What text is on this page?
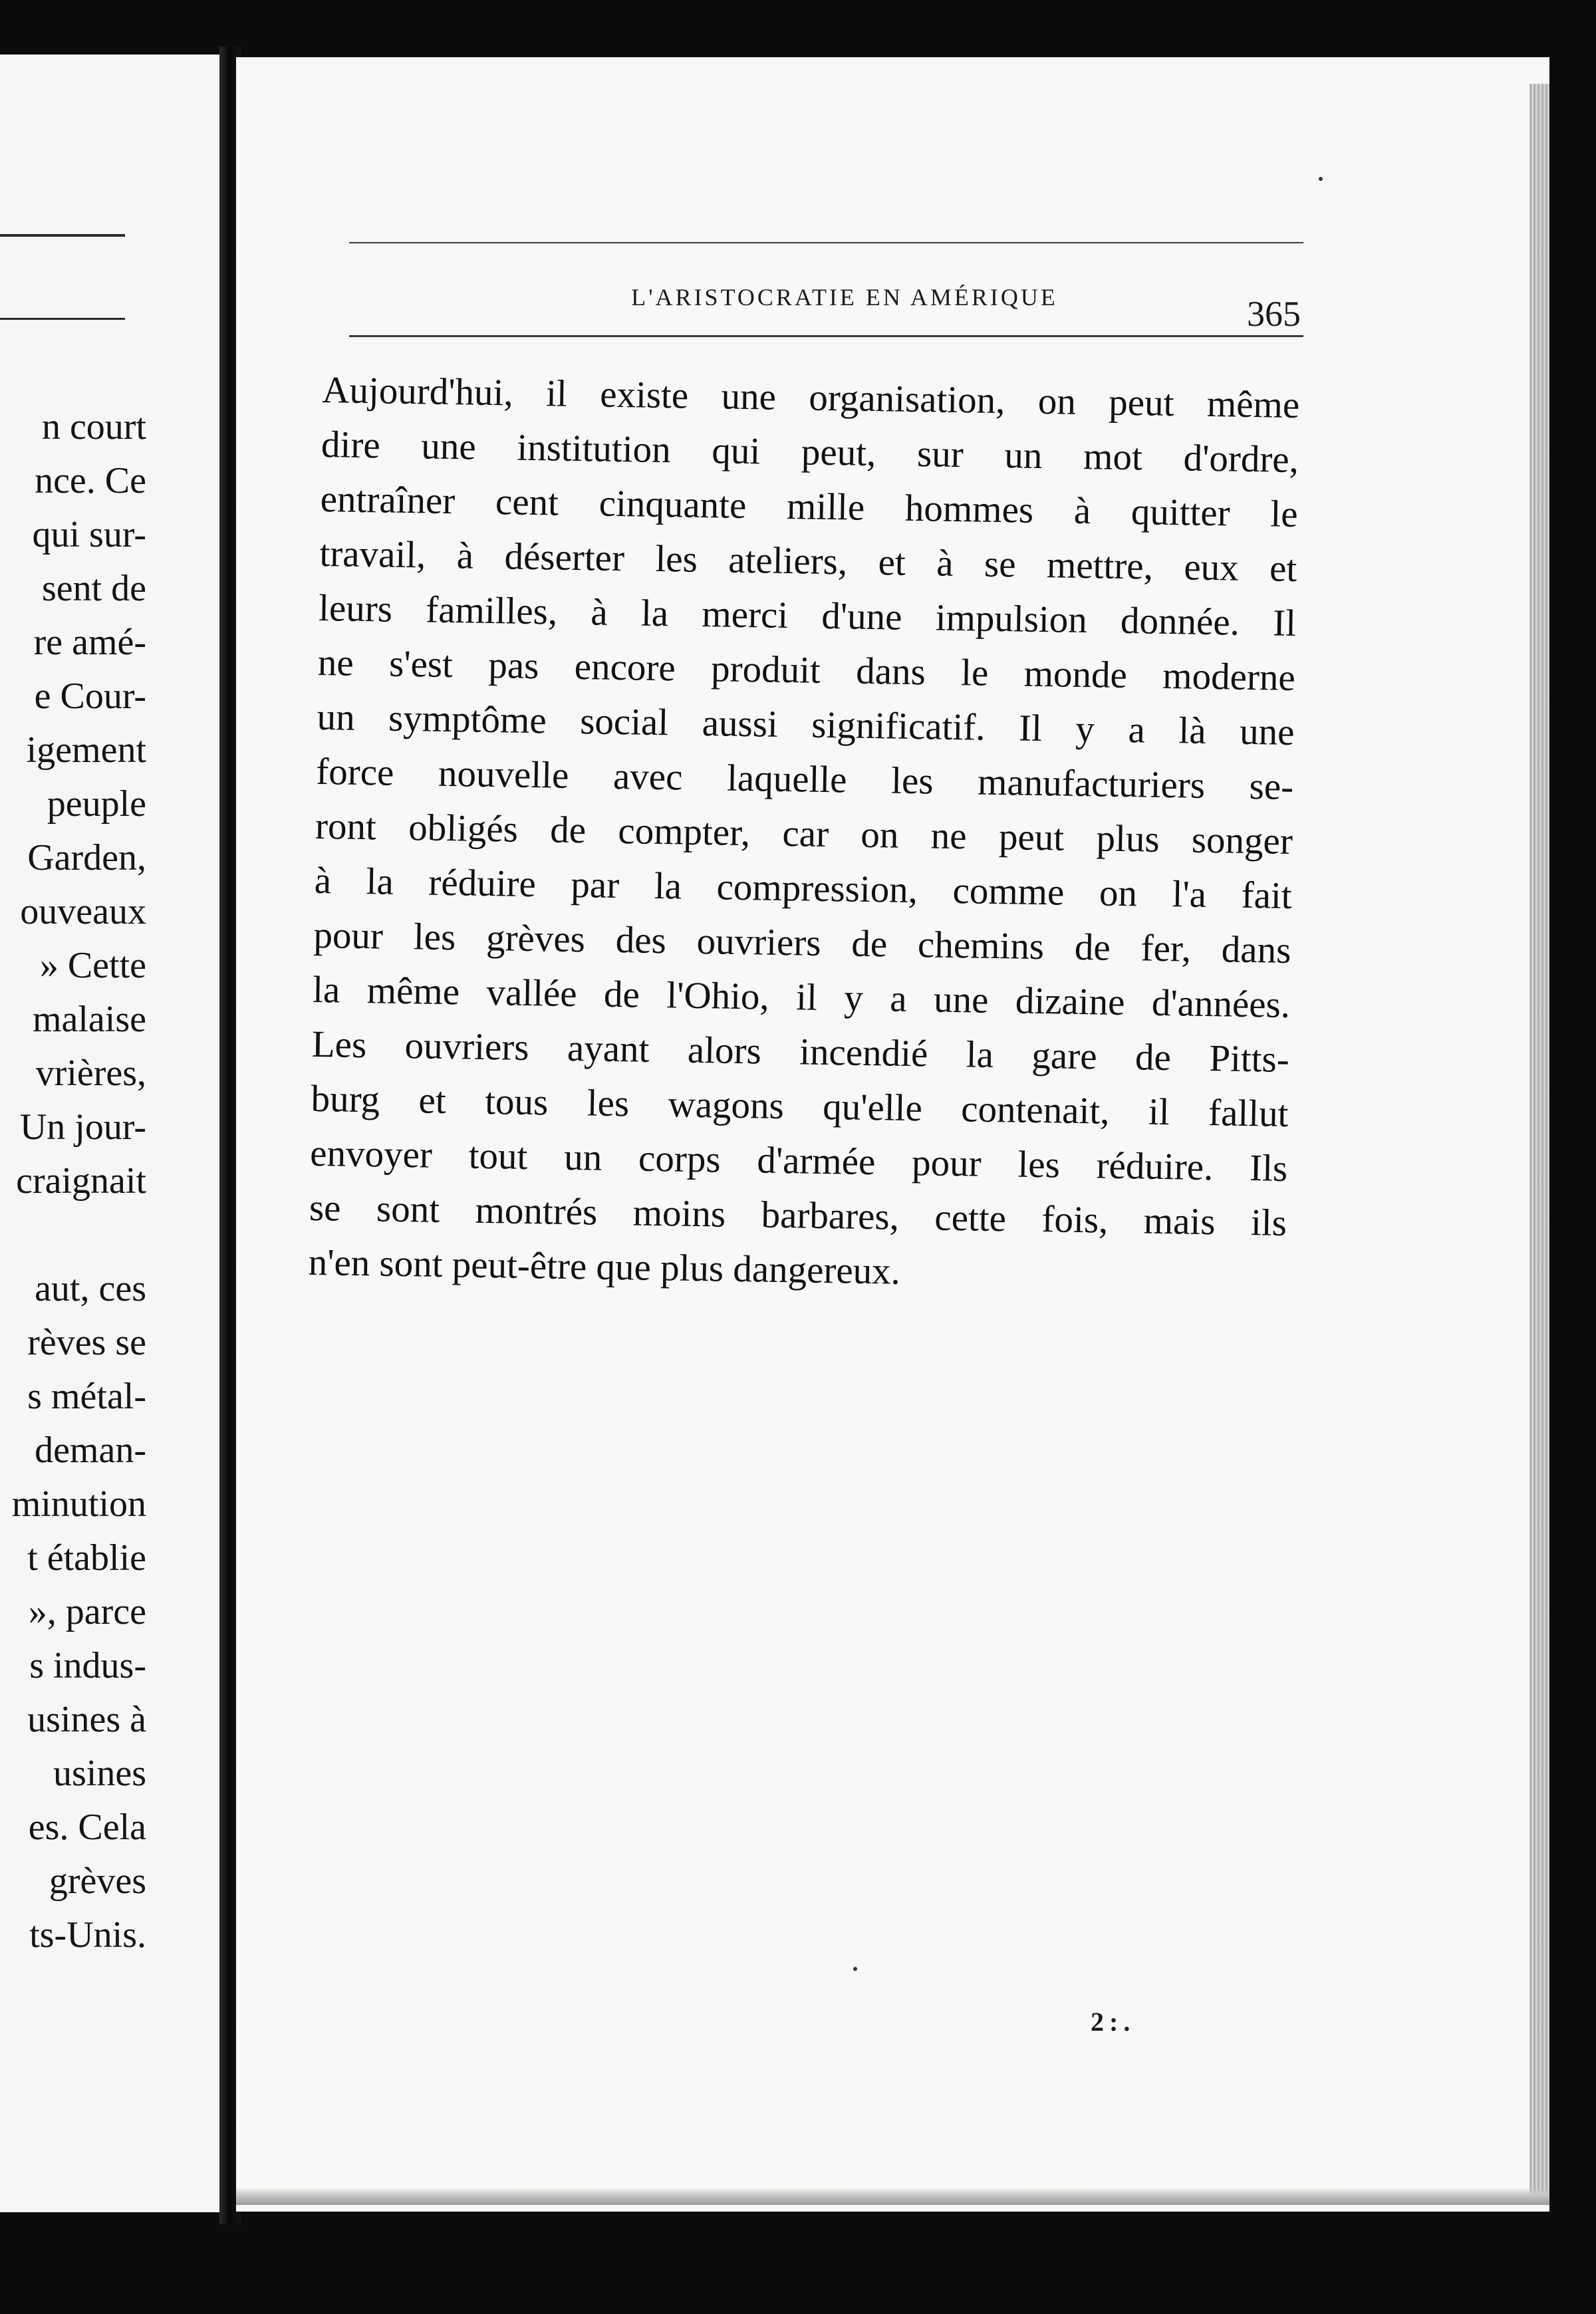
n court
nce. Ce
qui sur-
sent de
re amé-
e Cour-
igement
peuple
Garden,
ouveaux
» Cette
malaise
vrières,
Un jour-
craignait
aut, ces
rèves se
s métal-
deman-
minution
t établie
», parce
s indus-
usines à
usines
es. Cela
grèves
ts-Unis.
L'ARISTOCRATIE EN AMÉRIQUE	365
Aujourd'hui, il existe une organisation, on peut même
dire une institution qui peut, sur un mot d'ordre,
entraîner cent cinquante mille hommes à quitter le
travail, à déserter les ateliers, et à se mettre, eux et
leurs familles, à la merci d'une impulsion donnée. Il
ne s'est pas encore produit dans le monde moderne
un symptôme social aussi significatif. Il y a là une
force nouvelle avec laquelle les manufacturiers se-
ront obligés de compter, car on ne peut plus songer
à la réduire par la compression, comme on l'a fait
pour les grèves des ouvriers de chemins de fer, dans
la même vallée de l'Ohio, il y a une dizaine d'années.
Les ouvriers ayant alors incendié la gare de Pitts-
burg et tous les wagons qu'elle contenait, il fallut
envoyer tout un corps d'armée pour les réduire. Ils
se sont montrés moins barbares, cette fois, mais ils
n'en sont peut-être que plus dangereux.
2:.
